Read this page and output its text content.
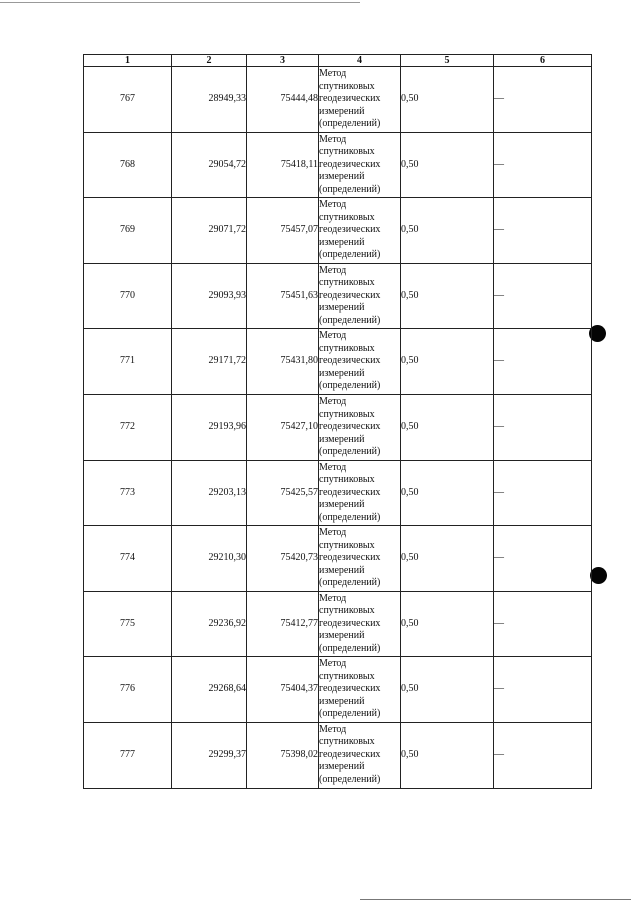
1	2	3	4	5	6
767	28949,33	75444,48	Метод
спутниковых
геодезических
измерений
(определений)	0,50	—
768	29054,72	75418,11	Метод
спутниковых
геодезических
измерений
(определений)	0,50	—
769	29071,72	75457,07	Метод
спутниковых
геодезических
измерений
(определений)	0,50	—
770	29093,93	75451,63	Метод
спутниковых
геодезических
измерений
(определений)	0,50	—
771	29171,72	75431,80	Метод
спутниковых
геодезических
измерений
(определений)	0,50	—
772	29193,96	75427,10	Метод
спутниковых
геодезических
измерений
(определений)	0,50	—
773	29203,13	75425,57	Метод
спутниковых
геодезических
измерений
(определений)	0,50	—
774	29210,30	75420,73	Метод
спутниковых
геодезических
измерений
(определений)	0,50	—
775	29236,92	75412,77	Метод
спутниковых
геодезических
измерений
(определений)	0,50	—
776	29268,64	75404,37	Метод
спутниковых
геодезических
измерений
(определений)	0,50	—
777	29299,37	75398,02	Метод
спутниковых
геодезических
измерений
(определений)	0,50	—
